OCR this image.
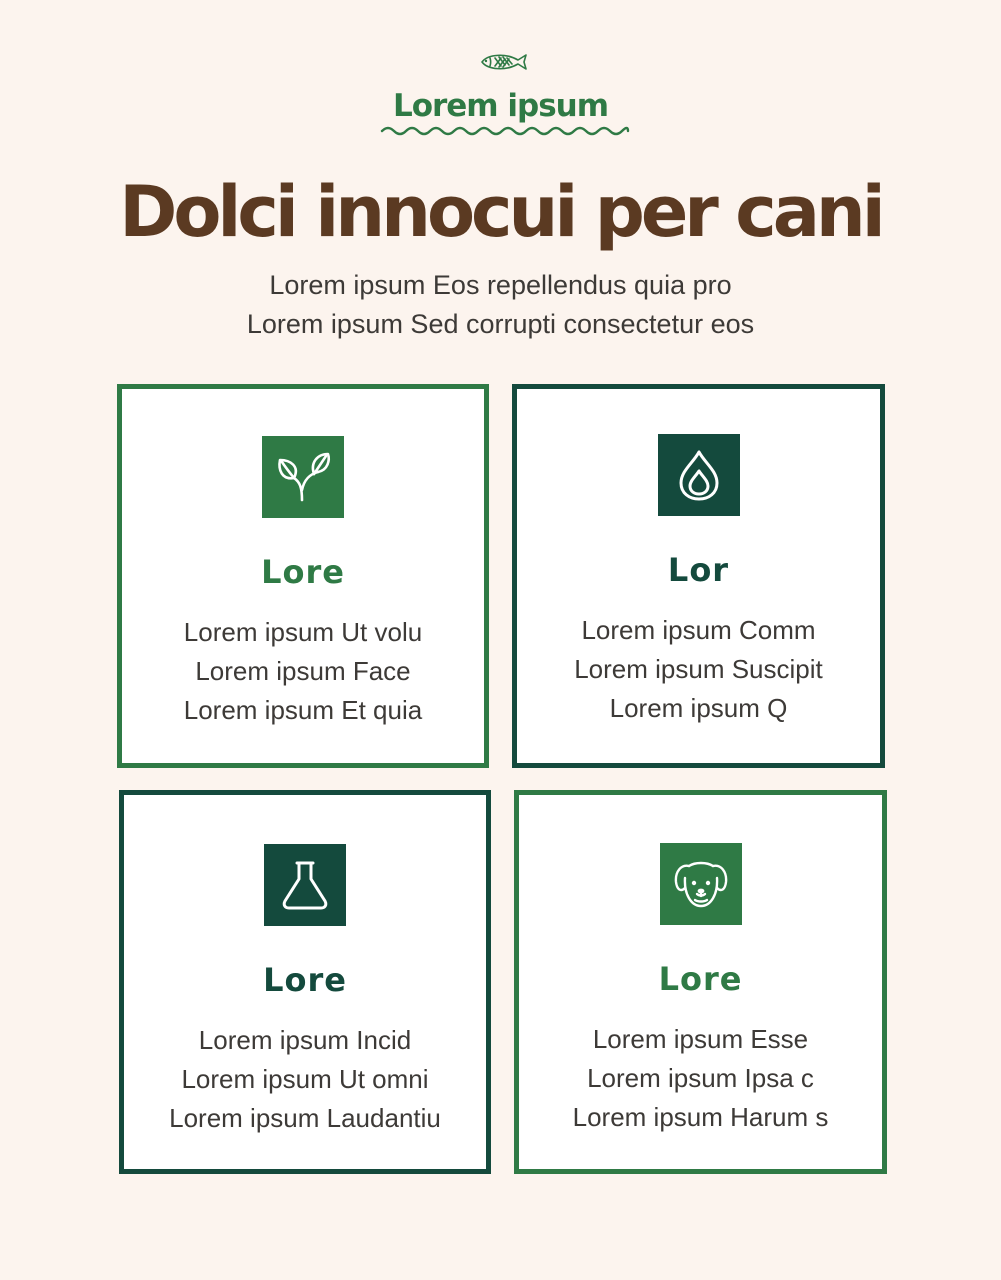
Lorem ipsum
Dolci innocui per cani
Lorem ipsum Eos repellendus quia pro
Lorem ipsum Sed corrupti consectetur eos
Lore
Lorem ipsum Ut volu
Lorem ipsum Face
Lorem ipsum Et quia
Lor
Lorem ipsum Comm
Lorem ipsum Suscipit
Lorem ipsum Q
Lore
Lorem ipsum Incid
Lorem ipsum Ut omni
Lorem ipsum Laudantiu
Lore
Lorem ipsum Esse
Lorem ipsum Ipsa c
Lorem ipsum Harum s
